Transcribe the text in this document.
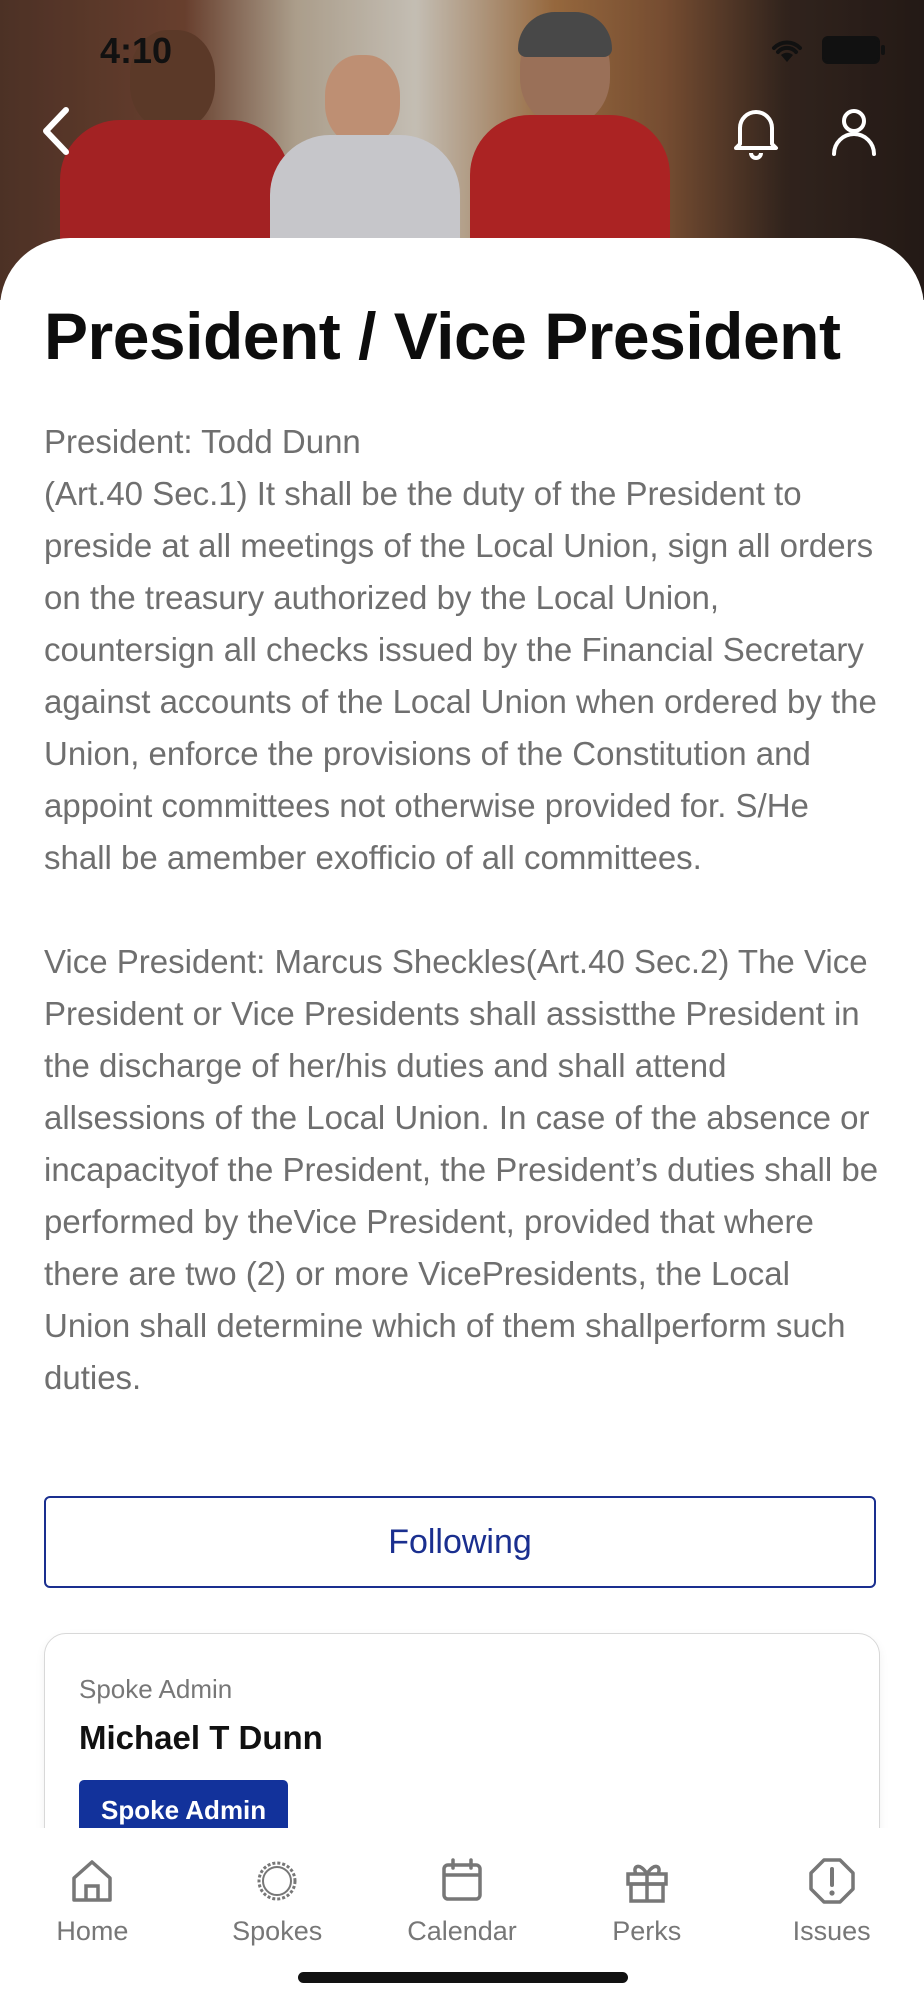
4:10
President / Vice President
President: Todd Dunn
(Art.40 Sec.1) It shall be the duty of the President to preside at all meetings of the Local Union, sign all orders on the treasury authorized by the Local Union, countersign all checks issued by the Financial Secretary against accounts of the Local Union when ordered by the Union, enforce the provisions of the Constitution and appoint committees not otherwise provided for. S/He shall be amember exofficio of all committees.

Vice President: Marcus Sheckles(Art.40 Sec.2) The Vice President or Vice Presidents shall assistthe President in the discharge of her/his duties and shall attend allsessions of the Local Union. In case of the absence or incapacityof the President, the President’s duties shall be performed by theVice President, provided that where there are two (2) or more VicePresidents, the Local Union shall determine which of them shallperform such duties.
Following
Spoke Admin
Michael T Dunn
Spoke Admin
Home	Spokes	Calendar	Perks	Issues
